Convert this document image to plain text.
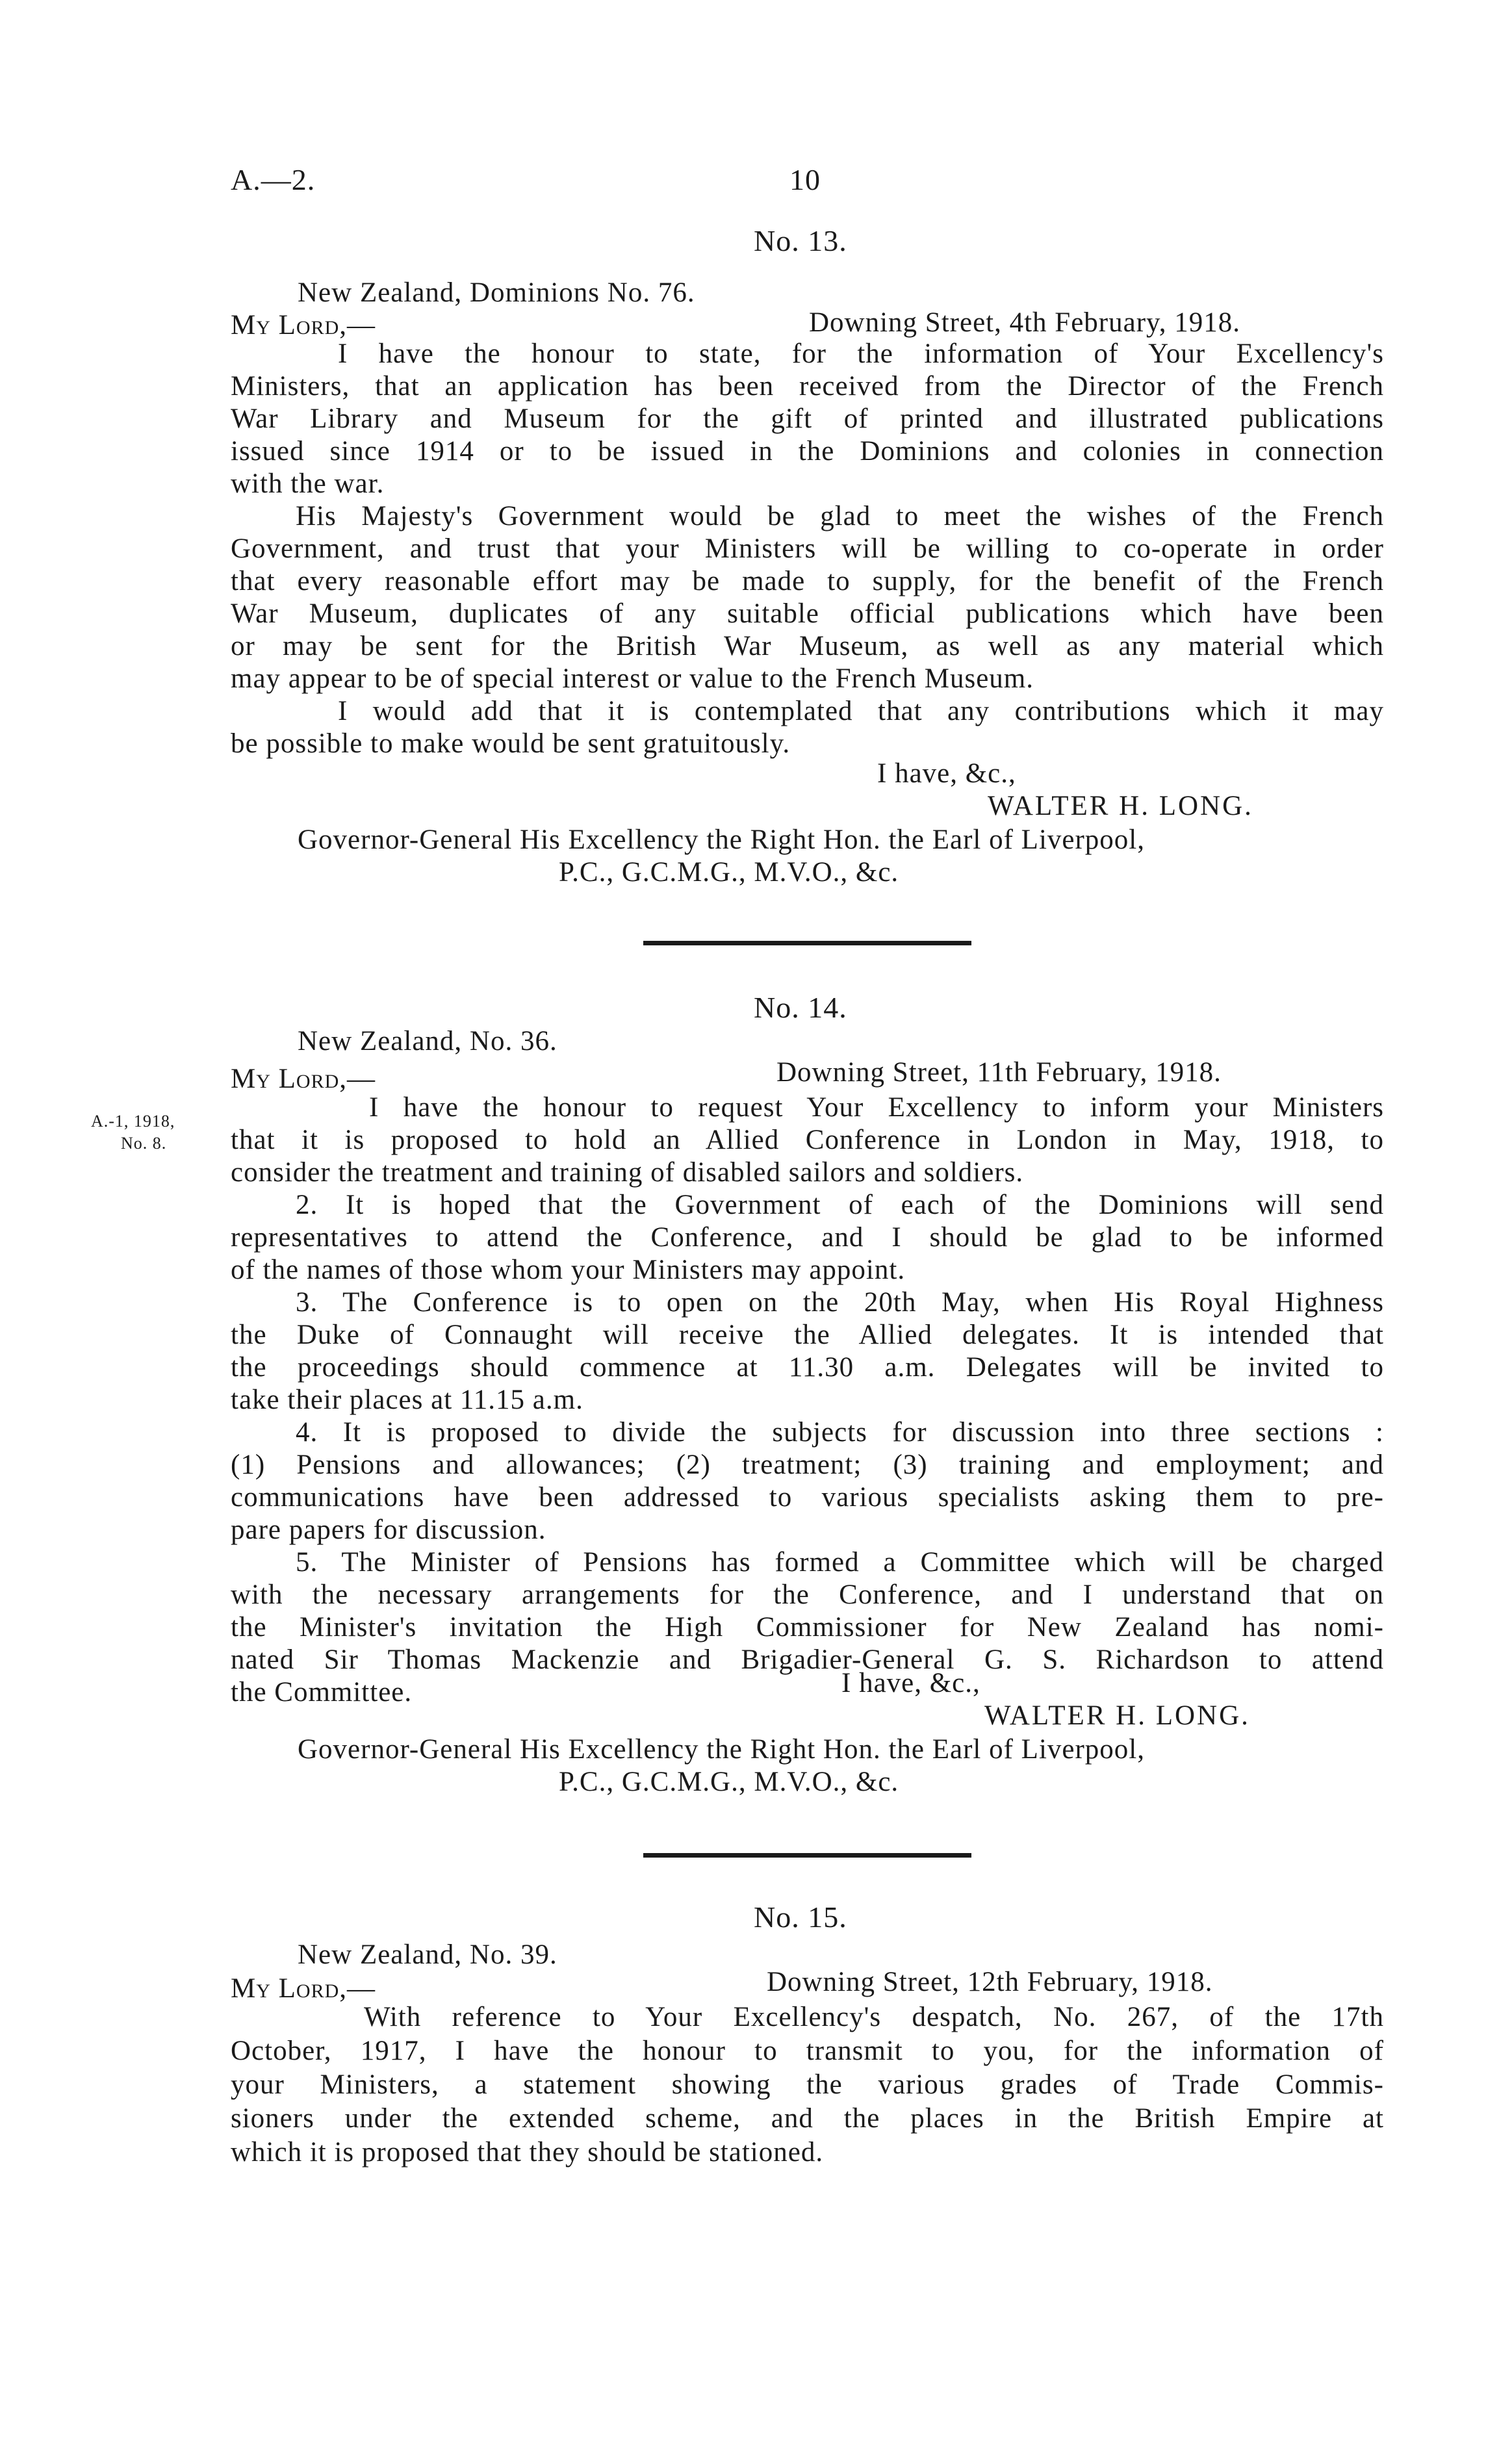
A.—2.	10
No. 13.
New Zealand, Dominions No. 76.
My Lord,—	Downing Street, 4th February, 1918.
I have the honour to state, for the information of Your Excellency's
Ministers, that an application has been received from the Director of the French
War Library and Museum for the gift of printed and illustrated publications
issued since 1914 or to be issued in the Dominions and colonies in connection
with the war.
His Majesty's Government would be glad to meet the wishes of the French
Government, and trust that your Ministers will be willing to co-operate in order
that every reasonable effort may be made to supply, for the benefit of the French
War Museum, duplicates of any suitable official publications which have been
or may be sent for the British War Museum, as well as any material which
may appear to be of special interest or value to the French Museum.
I would add that it is contemplated that any contributions which it may
be possible to make would be sent gratuitously.
I have, &c.,
WALTER H. LONG.
Governor-General His Excellency the Right Hon. the Earl of Liverpool,
P.C., G.C.M.G., M.V.O., &c.
No. 14.
New Zealand, No. 36.
My Lord,—	Downing Street, 11th February, 1918.
A.-1, 1918,
No. 8.
I have the honour to request Your Excellency to inform your Ministers
that it is proposed to hold an Allied Conference in London in May, 1918, to
consider the treatment and training of disabled sailors and soldiers.
2. It is hoped that the Government of each of the Dominions will send
representatives to attend the Conference, and I should be glad to be informed
of the names of those whom your Ministers may appoint.
3. The Conference is to open on the 20th May, when His Royal Highness
the Duke of Connaught will receive the Allied delegates. It is intended that
the proceedings should commence at 11.30 a.m. Delegates will be invited to
take their places at 11.15 a.m.
4. It is proposed to divide the subjects for discussion into three sections :
(1) Pensions and allowances; (2) treatment; (3) training and employment; and
communications have been addressed to various specialists asking them to pre-
pare papers for discussion.
5. The Minister of Pensions has formed a Committee which will be charged
with the necessary arrangements for the Conference, and I understand that on
the Minister's invitation the High Commissioner for New Zealand has nomi-
nated Sir Thomas Mackenzie and Brigadier-General G. S. Richardson to attend
the Committee.	I have, &c.,
WALTER H. LONG.
Governor-General His Excellency the Right Hon. the Earl of Liverpool,
P.C., G.C.M.G., M.V.O., &c.
No. 15.
New Zealand, No. 39.
My Lord,—	Downing Street, 12th February, 1918.
With reference to Your Excellency's despatch, No. 267, of the 17th
October, 1917, I have the honour to transmit to you, for the information of
your Ministers, a statement showing the various grades of Trade Commis-
sioners under the extended scheme, and the places in the British Empire at
which it is proposed that they should be stationed.
